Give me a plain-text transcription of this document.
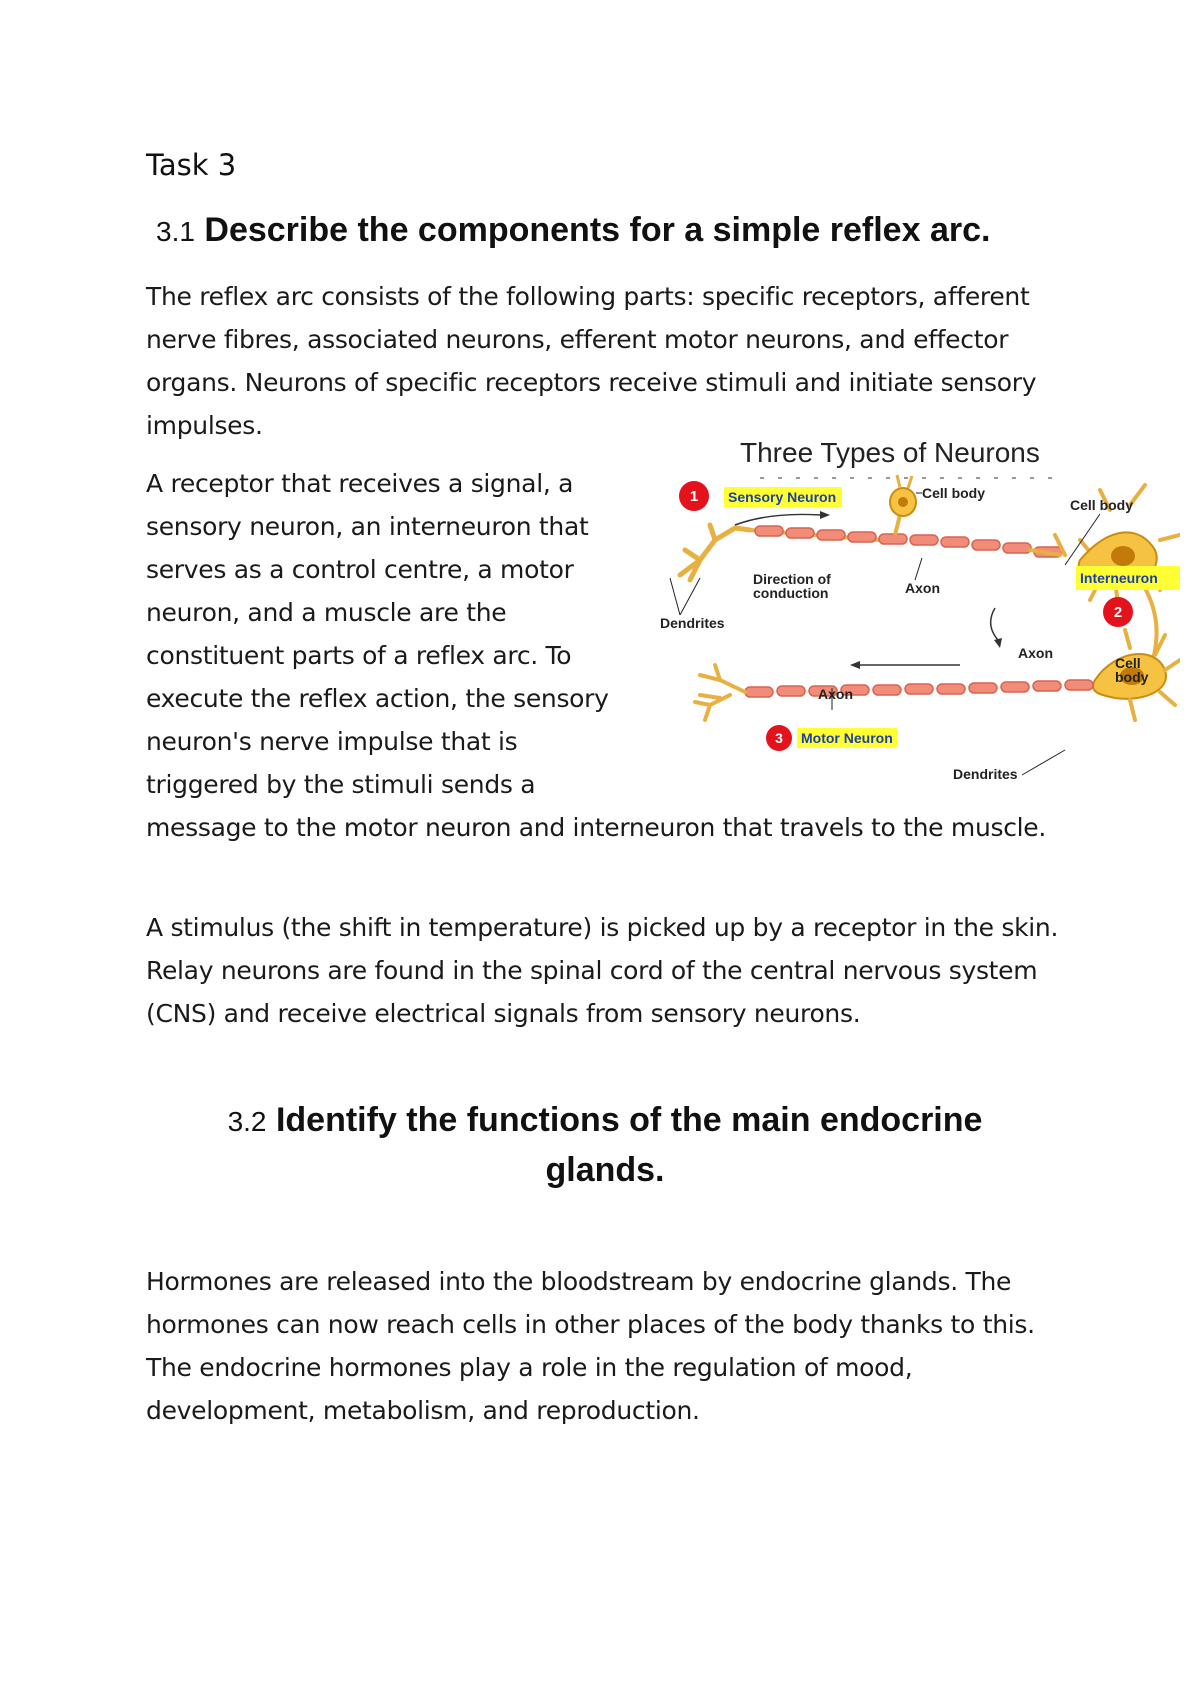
Task 3
3.1 Describe the components for a simple reflex arc.

The reflex arc consists of the following parts: specific receptors, afferent nerve fibres, associated neurons, efferent motor neurons, and effector organs. Neurons of specific receptors receive stimuli and initiate sensory impulses.

A receptor that receives a signal, a sensory neuron, an interneuron that serves as a control centre, a motor neuron, and a muscle are the constituent parts of a reflex arc. To execute the reflex action, the sensory neuron's nerve impulse that is triggered by the stimuli sends a

message to the motor neuron and interneuron that travels to the muscle.

A stimulus (the shift in temperature) is picked up by a receptor in the skin. Relay neurons are found in the spinal cord of the central nervous system (CNS) and receive electrical signals from sensory neurons.

Three Types of Neurons
1
2
3
Sensory Neuron
Interneuron
Motor Neuron
Cell body
Cell body
Cell
body
Dendrites
Dendrites
Axon
Axon
Axon
Direction of
conduction
3.2 Identify the functions of the main endocrine
glands.

Hormones are released into the bloodstream by endocrine glands. The hormones can now reach cells in other places of the body thanks to this. The endocrine hormones play a role in the regulation of mood, development, metabolism, and reproduction.
